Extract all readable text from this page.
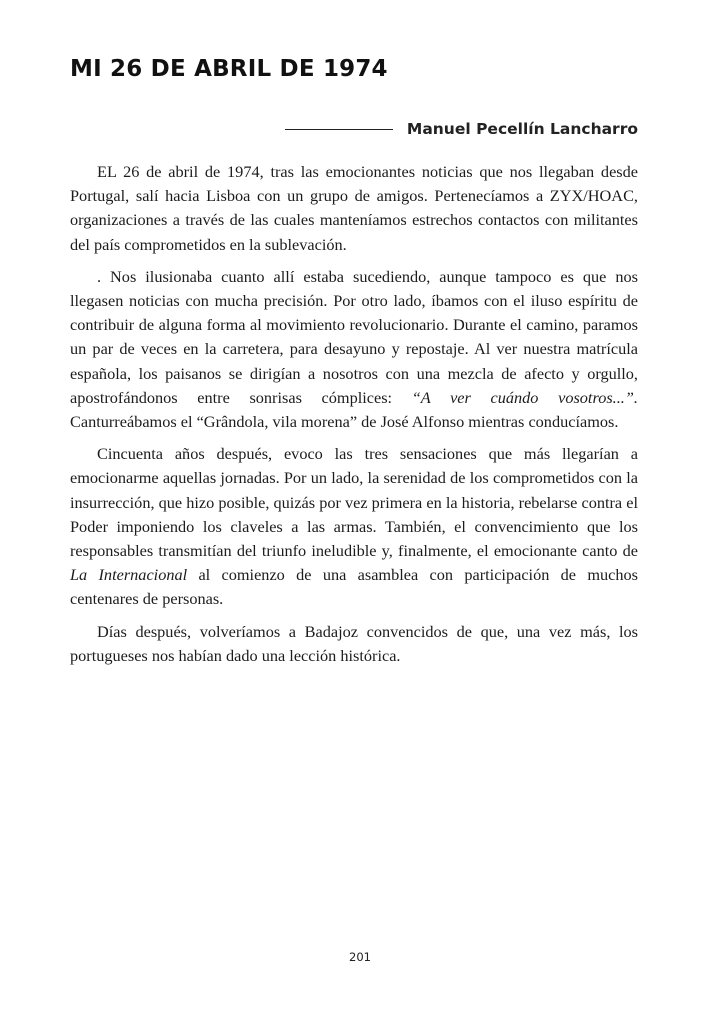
MI 26 DE ABRIL DE 1974
Manuel Pecellín Lancharro

EL 26 de abril de 1974, tras las emocionantes noticias que nos llegaban desde Portugal, salí hacia Lisboa con un grupo de amigos. Pertenecíamos a ZYX/HOAC, organizaciones a través de las cuales manteníamos estrechos contactos con militantes del país comprometidos en la sublevación.

. Nos ilusionaba cuanto allí estaba sucediendo, aunque tampoco es que nos llegasen noticias con mucha precisión. Por otro lado, íbamos con el iluso espíritu de contribuir de alguna forma al movimiento revolucionario. Durante el camino, paramos un par de veces en la carretera, para desayuno y repostaje. Al ver nuestra matrícula española, los paisanos se dirigían a nosotros con una mezcla de afecto y orgullo, apostrofándonos entre sonrisas cómplices: “A ver cuándo vosotros...”. Canturreábamos el “Grândola, vila morena” de José Alfonso mientras conducíamos.

Cincuenta años después, evoco las tres sensaciones que más llegarían a emocionarme aquellas jornadas. Por un lado, la serenidad de los comprometidos con la insurrección, que hizo posible, quizás por vez primera en la historia, rebelarse contra el Poder imponiendo los claveles a las armas. También, el convencimiento que los responsables transmitían del triunfo ineludible y, finalmente, el emocionante canto de La Internacional al comienzo de una asamblea con participación de muchos centenares de personas.

Días después, volveríamos a Badajoz convencidos de que, una vez más, los portugueses nos habían dado una lección histórica.

201
